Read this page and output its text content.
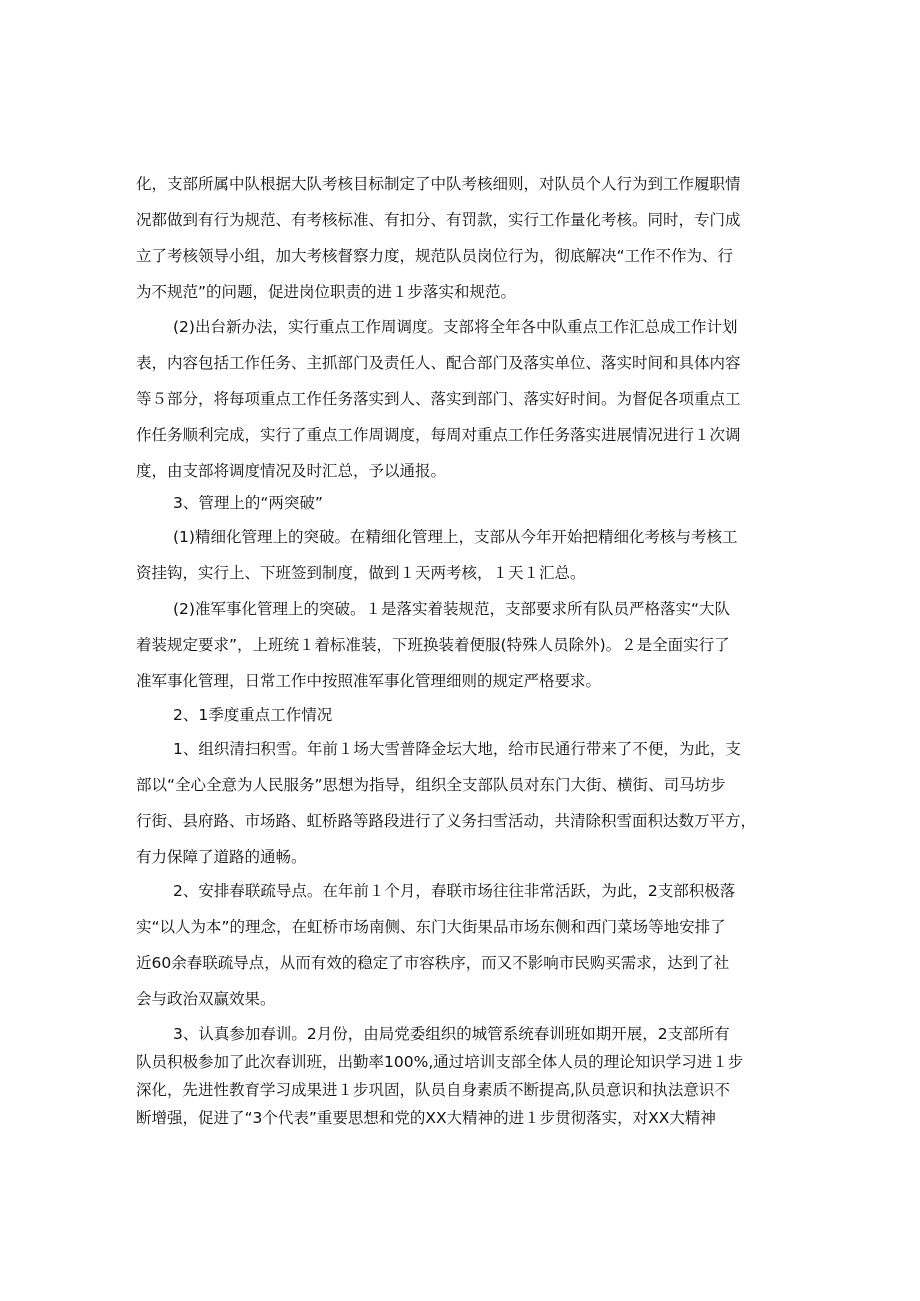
化，支部所属中队根据大队考核目标制定了中队考核细则，对队员个人行为到工作履职情
况都做到有行为规范、有考核标准、有扣分、有罚款，实行工作量化考核。同时，专门成
立了考核领导小组，加大考核督察力度，规范队员岗位行为，彻底解决“工作不作为、行
为不规范”的问题，促进岗位职责的进１步落实和规范。
(2)出台新办法，实行重点工作周调度。支部将全年各中队重点工作汇总成工作计划
表，内容包括工作任务、主抓部门及责任人、配合部门及落实单位、落实时间和具体内容
等５部分，将每项重点工作任务落实到人、落实到部门、落实好时间。为督促各项重点工
作任务顺利完成，实行了重点工作周调度，每周对重点工作任务落实进展情况进行１次调
度，由支部将调度情况及时汇总，予以通报。
3、管理上的“两突破”
(1)精细化管理上的突破。在精细化管理上，支部从今年开始把精细化考核与考核工
资挂钩，实行上、下班签到制度，做到１天两考核，１天１汇总。
(2)准军事化管理上的突破。１是落实着装规范，支部要求所有队员严格落实“大队
着装规定要求”，上班统１着标准装，下班换装着便服(特殊人员除外)。２是全面实行了
准军事化管理，日常工作中按照准军事化管理细则的规定严格要求。
2、1季度重点工作情况
1、组织清扫积雪。年前１场大雪普降金坛大地，给市民通行带来了不便，为此，支
部以“全心全意为人民服务”思想为指导，组织全支部队员对东门大街、横街、司马坊步
行街、县府路、市场路、虹桥路等路段进行了义务扫雪活动，共清除积雪面积达数万平方，
有力保障了道路的通畅。
2、安排春联疏导点。在年前１个月，春联市场往往非常活跃，为此，2支部积极落
实“以人为本”的理念，在虹桥市场南侧、东门大街果品市场东侧和西门菜场等地安排了
近60余春联疏导点，从而有效的稳定了市容秩序，而又不影响市民购买需求，达到了社
会与政治双赢效果。
3、认真参加春训。2月份，由局党委组织的城管系统春训班如期开展，2支部所有
队员积极参加了此次春训班，出勤率100%,通过培训支部全体人员的理论知识学习进１步
深化，先进性教育学习成果进１步巩固，队员自身素质不断提高,队员意识和执法意识不
断增强，促进了“3个代表”重要思想和党的XX大精神的进１步贯彻落实，对XX大精神
